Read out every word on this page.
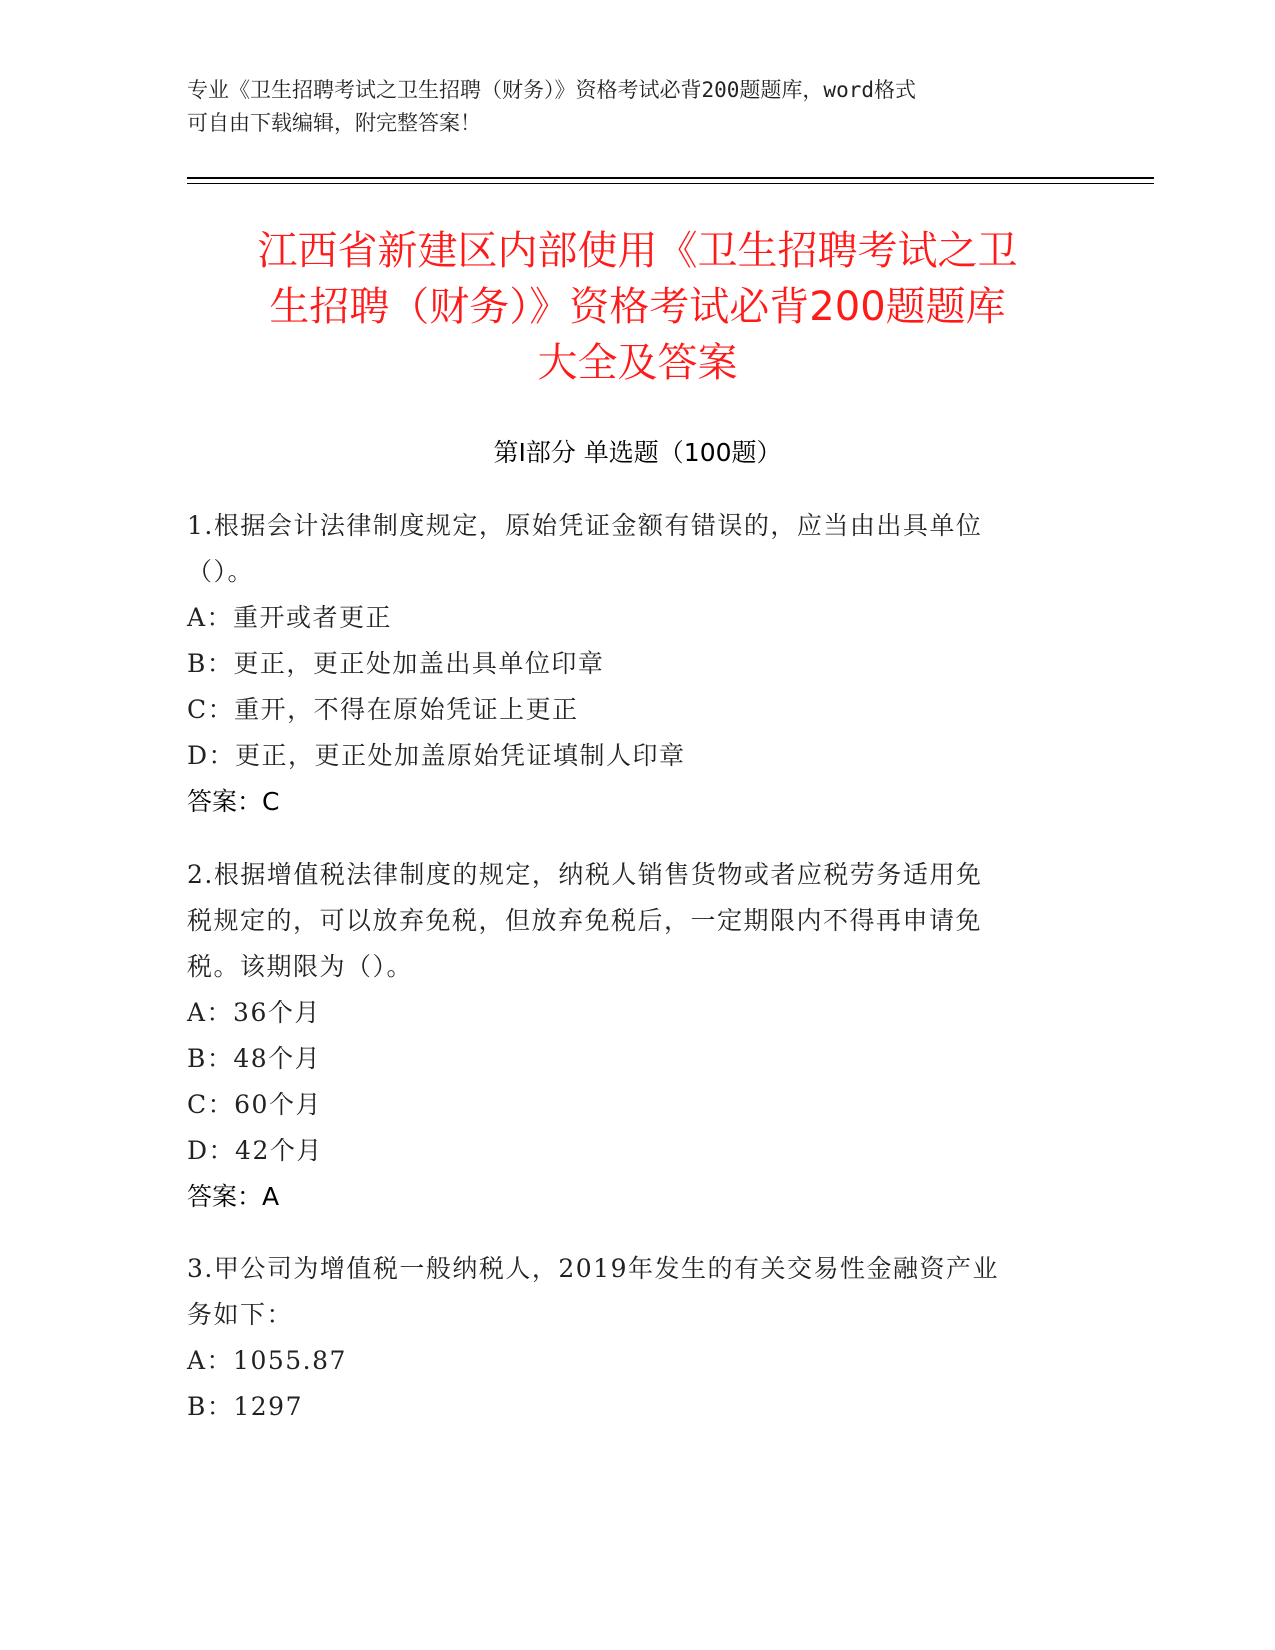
专业《卫生招聘考试之卫生招聘（财务）》资格考试必背200题题库，word格式
可自由下载编辑，附完整答案！
江西省新建区内部使用《卫生招聘考试之卫
生招聘（财务）》资格考试必背200题题库
大全及答案
第Ⅰ部分 单选题（100题）
1.根据会计法律制度规定，原始凭证金额有错误的，应当由出具单位
（）。
A：重开或者更正
B：更正，更正处加盖出具单位印章
C：重开，不得在原始凭证上更正
D：更正，更正处加盖原始凭证填制人印章
答案：C
2.根据增值税法律制度的规定，纳税人销售货物或者应税劳务适用免
税规定的，可以放弃免税，但放弃免税后，一定期限内不得再申请免
税。该期限为（）。
A：36个月
B：48个月
C：60个月
D：42个月
答案：A
3.甲公司为增值税一般纳税人，2019年发生的有关交易性金融资产业
务如下：
A：1055.87
B：1297
